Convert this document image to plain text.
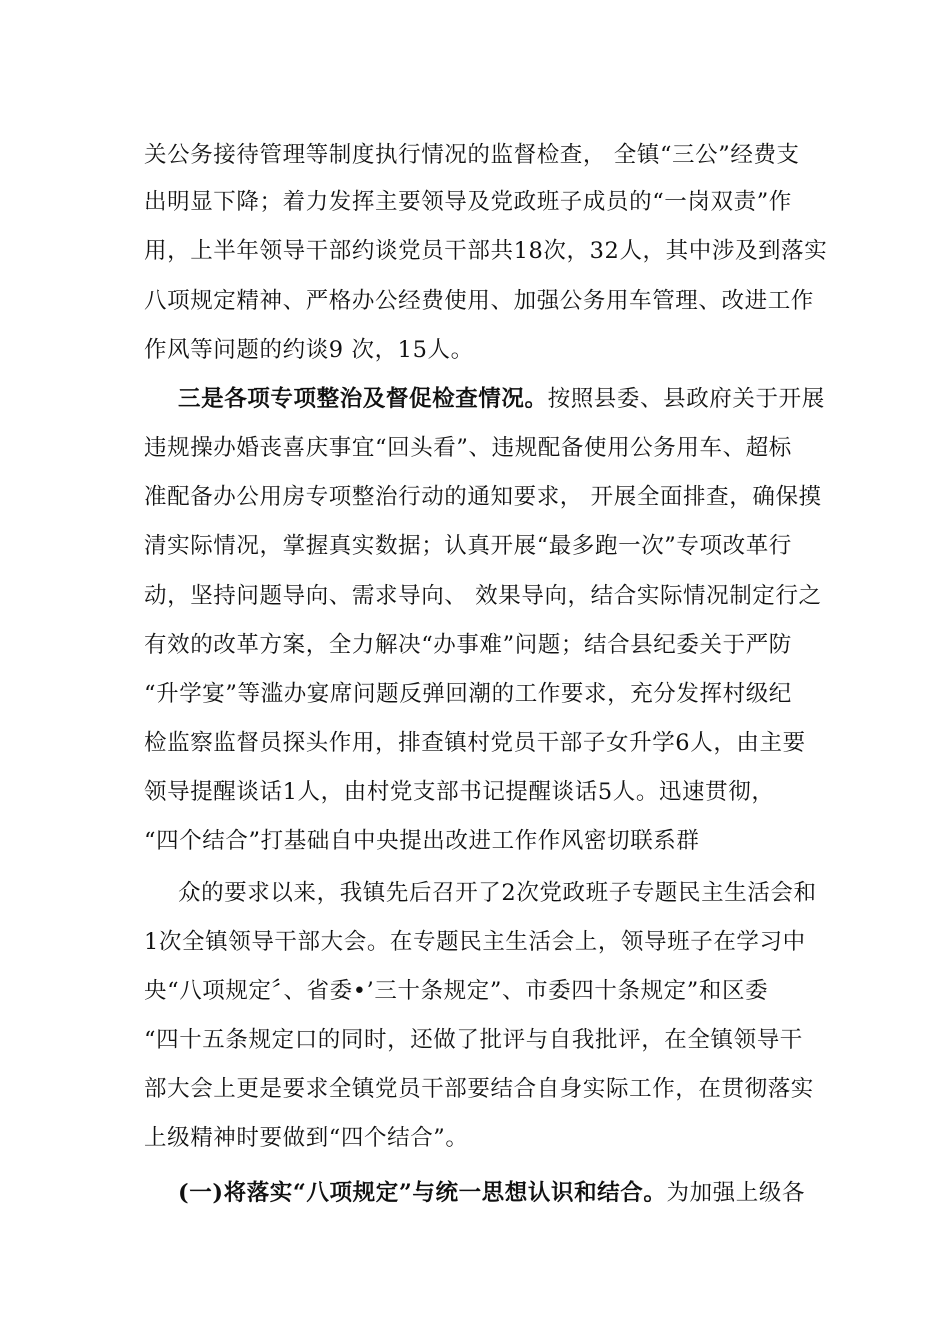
关公务接待管理等制度执行情况的监督检查， 全镇“三公”经费支
出明显下降；着力发挥主要领导及党政班子成员的“一岗双责”作
用，上半年领导干部约谈党员干部共18次，32人，其中涉及到落实
八项规定精神、严格办公经费使用、加强公务用车管理、改进工作
作风等问题的约谈9 次，15人。
三是各项专项整治及督促检查情况。按照县委、县政府关于开展
违规操办婚丧喜庆事宜“回头看”、违规配备使用公务用车、超标
准配备办公用房专项整治行动的通知要求， 开展全面排查，确保摸
清实际情况，掌握真实数据；认真开展“最多跑一次”专项改革行
动，坚持问题导向、需求导向、 效果导向，结合实际情况制定行之
有效的改革方案，全力解决“办事难”问题；结合县纪委关于严防
“升学宴”等滥办宴席问题反弹回潮的工作要求，充分发挥村级纪
检监察监督员探头作用，排查镇村党员干部子女升学6人，由主要
领导提醒谈话1人，由村党支部书记提醒谈话5人。迅速贯彻，
“四个结合”打基础自中央提出改进工作作风密切联系群
众的要求以来，我镇先后召开了2次党政班子专题民主生活会和
1次全镇领导干部大会。在专题民主生活会上，领导班子在学习中
央“八项规定〞、省委•’三十条规定”、市委四十条规定”和区委
“四十五条规定口的同时，还做了批评与自我批评，在全镇领导干
部大会上更是要求全镇党员干部要结合自身实际工作，在贯彻落实
上级精神时要做到“四个结合”。
(一)将落实“八项规定”与统一思想认识和结合。为加强上级各
